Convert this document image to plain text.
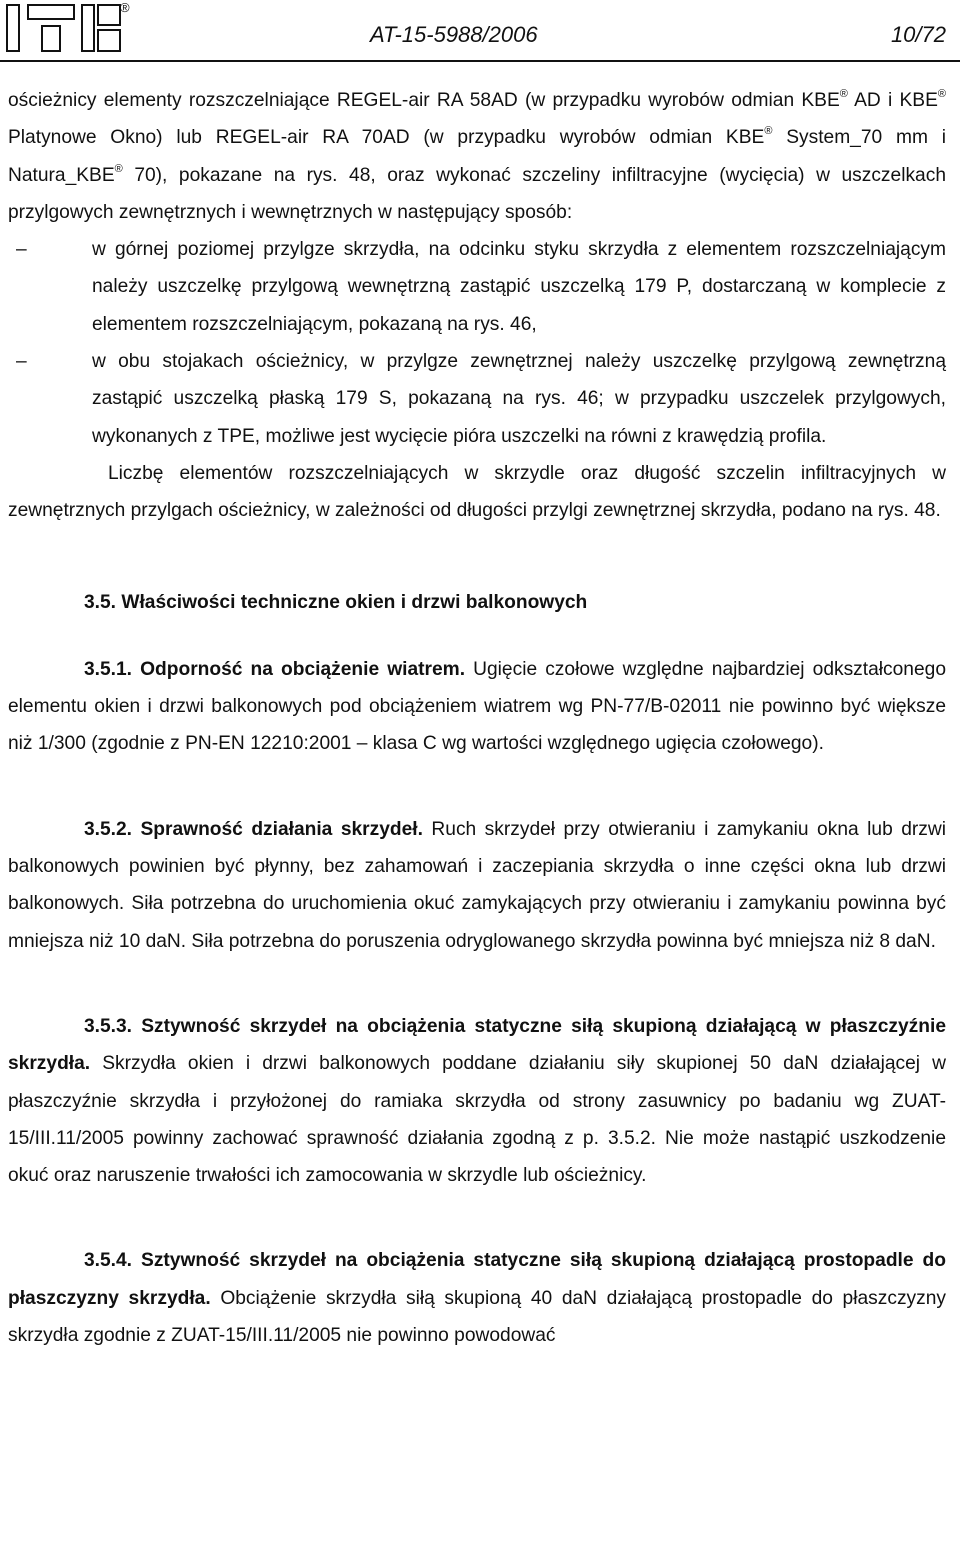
®
AT-15-5988/2006	10/72

ościeżnicy elementy rozszczelniające REGEL-air RA 58AD (w przypadku wyrobów odmian KBE® AD i KBE® Platynowe Okno) lub REGEL-air RA 70AD (w przypadku wyrobów odmian KBE® System_70 mm i Natura_KBE® 70), pokazane na rys. 48, oraz wykonać szczeliny infiltracyjne (wycięcia) w uszczelkach przylgowych zewnętrznych i wewnętrznych w następujący sposób:

–	w górnej poziomej przylgze skrzydła, na odcinku styku skrzydła z elementem rozszczelniającym należy uszczelkę przylgową wewnętrzną zastąpić uszczelką 179 P, dostarczaną w komplecie z elementem rozszczelniającym, pokazaną na rys. 46,
–	w obu stojakach ościeżnicy, w przylgze zewnętrznej należy uszczelkę przylgową zewnętrzną zastąpić uszczelką płaską 179 S, pokazaną na rys. 46; w przypadku uszczelek przylgowych, wykonanych z TPE, możliwe jest wycięcie pióra uszczelki na równi z krawędzią profila.

Liczbę elementów rozszczelniających w skrzydle oraz długość szczelin infiltracyjnych w zewnętrznych przylgach ościeżnicy, w zależności od długości przylgi zewnętrznej skrzydła, podano na rys. 48.

3.5. Właściwości techniczne okien i drzwi balkonowych

3.5.1. Odporność na obciążenie wiatrem. Ugięcie czołowe względne najbardziej odkształconego elementu okien i drzwi balkonowych pod obciążeniem wiatrem wg PN-77/B-02011 nie powinno być większe niż 1/300 (zgodnie z PN-EN 12210:2001 – klasa C wg wartości względnego ugięcia czołowego).

3.5.2. Sprawność działania skrzydeł. Ruch skrzydeł przy otwieraniu i zamykaniu okna lub drzwi balkonowych powinien być płynny, bez zahamowań i zaczepiania skrzydła o inne części okna lub drzwi balkonowych. Siła potrzebna do uruchomienia okuć zamykających przy otwieraniu i zamykaniu powinna być mniejsza niż 10 daN. Siła potrzebna do poruszenia odryglowanego skrzydła powinna być mniejsza niż 8 daN.

3.5.3. Sztywność skrzydeł na obciążenia statyczne siłą skupioną działającą w płaszczyźnie skrzydła. Skrzydła okien i drzwi balkonowych poddane działaniu siły skupionej 50 daN działającej w płaszczyźnie skrzydła i przyłożonej do ramiaka skrzydła od strony zasuwnicy po badaniu wg ZUAT-15/III.11/2005 powinny zachować sprawność działania zgodną z p. 3.5.2. Nie może nastąpić uszkodzenie okuć oraz naruszenie trwałości ich zamocowania w skrzydle lub ościeżnicy.

3.5.4. Sztywność skrzydeł na obciążenia statyczne siłą skupioną działającą prostopadle do płaszczyzny skrzydła. Obciążenie skrzydła siłą skupioną 40 daN działającą prostopadle do płaszczyzny skrzydła zgodnie z ZUAT-15/III.11/2005 nie powinno powodować
